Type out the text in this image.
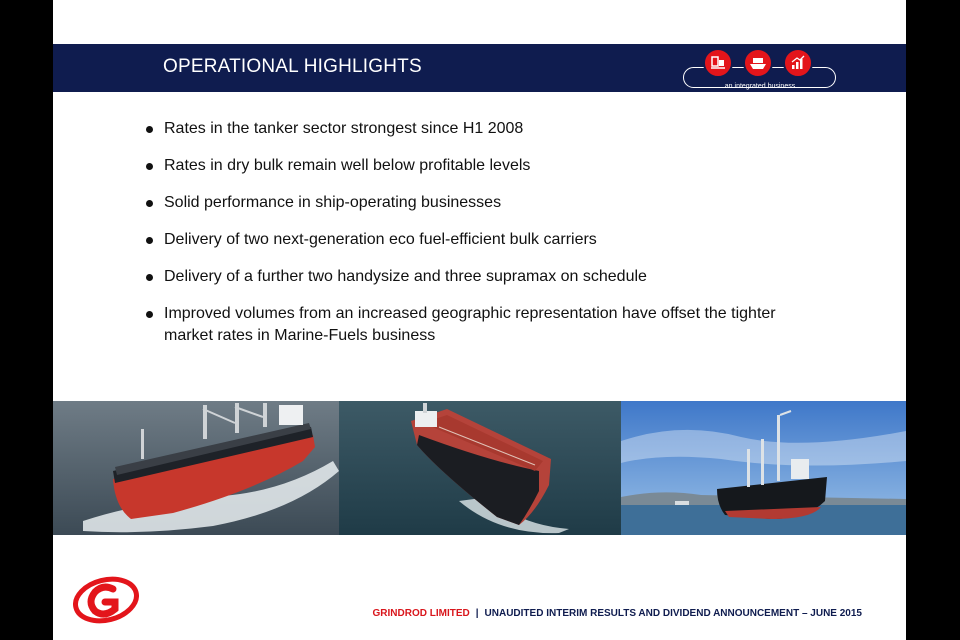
OPERATIONAL HIGHLIGHTS
an integrated business
Rates in the tanker sector strongest since H1 2008
Rates in dry bulk remain well below profitable levels
Solid performance in ship-operating businesses
Delivery of two next-generation eco fuel-efficient bulk carriers
Delivery of a further two handysize and three supramax on schedule
Improved volumes from an increased geographic representation have offset the tighter market rates in Marine-Fuels business
GRINDROD LIMITED | UNAUDITED INTERIM RESULTS AND DIVIDEND ANNOUNCEMENT – JUNE 2015
